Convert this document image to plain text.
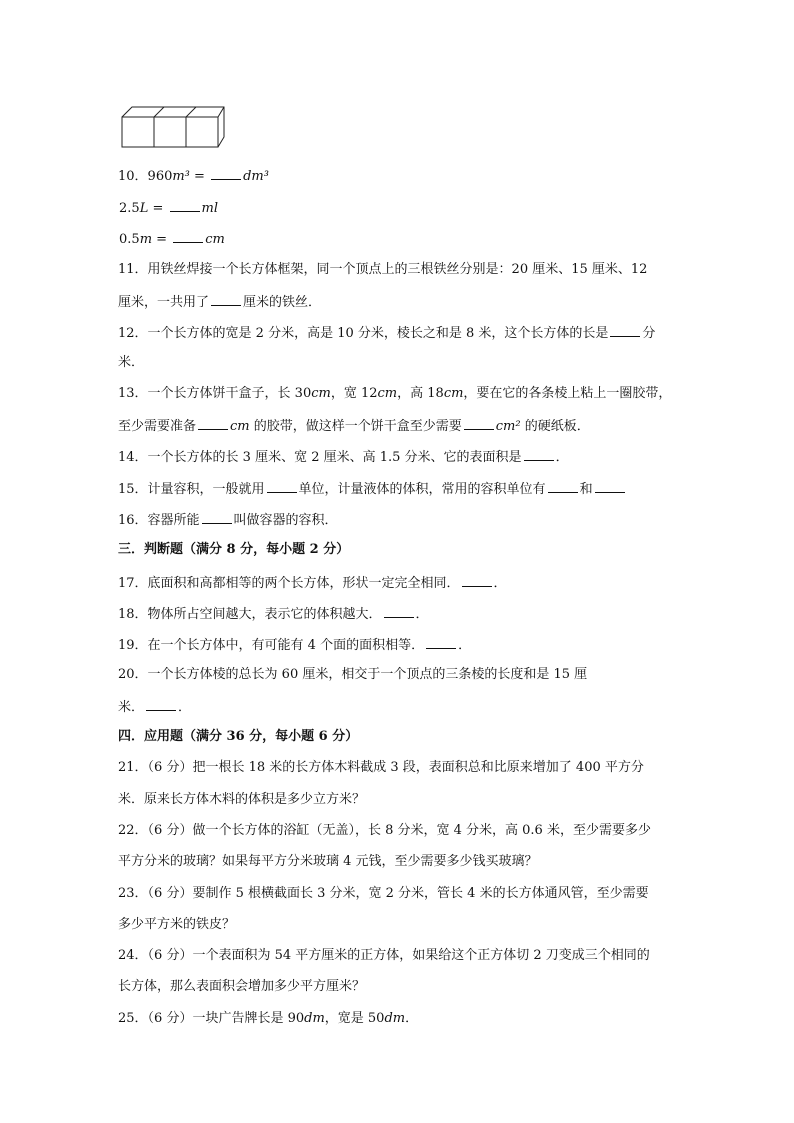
10．960m³ =	dm³
2.5L =	ml
0.5m =	cm
11．用铁丝焊接一个长方体框架，同一个顶点上的三根铁丝分别是：20 厘米、15 厘米、12
厘米，一共用了	厘米的铁丝．
12．一个长方体的宽是 2 分米，高是 10 分米，棱长之和是 8 米，这个长方体的长是	分
米．
13．一个长方体饼干盒子，长 30cm，宽 12cm，高 18cm，要在它的各条棱上粘上一圈胶带，
至少需要准备	cm 的胶带，做这样一个饼干盒至少需要	cm² 的硬纸板．
14．一个长方体的长 3 厘米、宽 2 厘米、高 1.5 分米、它的表面积是	．
15．计量容积，一般就用	单位，计量液体的体积，常用的容积单位有	和
16．容器所能	叫做容器的容积．
三．判断题（满分 8 分，每小题 2 分）
17．底面积和高都相等的两个长方体，形状一定完全相同．	．
18．物体所占空间越大，表示它的体积越大．	．
19．在一个长方体中，有可能有 4 个面的面积相等．	．
20．一个长方体棱的总长为 60 厘米，相交于一个顶点的三条棱的长度和是 15 厘
米．	．
四．应用题（满分 36 分，每小题 6 分）
21．（6 分）把一根长 18 米的长方体木料截成 3 段，表面积总和比原来增加了 400 平方分
米．原来长方体木料的体积是多少立方米？
22．（6 分）做一个长方体的浴缸（无盖），长 8 分米，宽 4 分米，高 0.6 米，至少需要多少
平方分米的玻璃？如果每平方分米玻璃 4 元钱，至少需要多少钱买玻璃？
23．（6 分）要制作 5 根横截面长 3 分米，宽 2 分米，管长 4 米的长方体通风管，至少需要
多少平方米的铁皮？
24．（6 分）一个表面积为 54 平方厘米的正方体，如果给这个正方体切 2 刀变成三个相同的
长方体，那么表面积会增加多少平方厘米？
25．（6 分）一块广告牌长是 90dm，宽是 50dm．
